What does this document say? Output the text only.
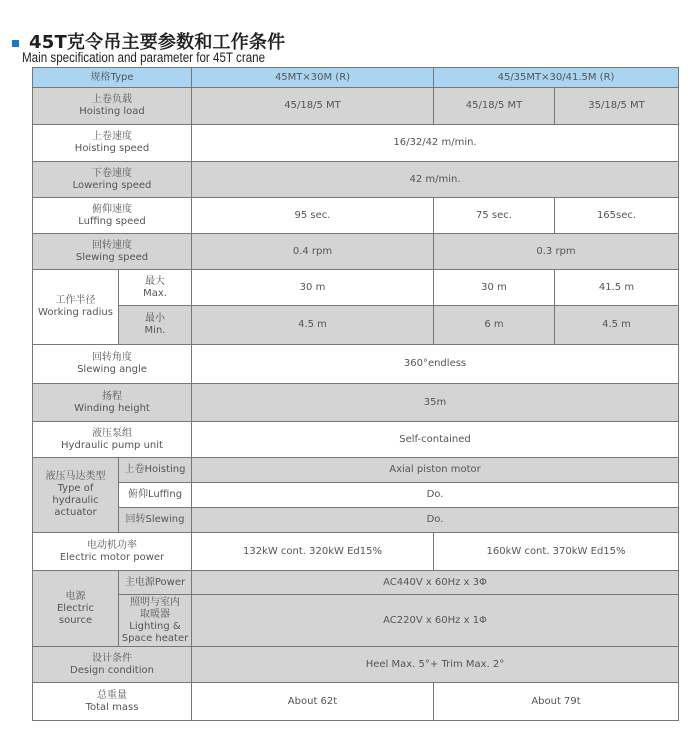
45T克令吊主要参数和工作条件
Main specification and parameter for 45T crane
规格Type		45MT×30M (R)	45/35MT×30/41.5M (R)	

上卷负载
Hoisting load		45/18/5 MT	45/18/5 MT	35/18/5 MT

上卷速度
Hoisting speed		16/32/42 m/min.		

下卷速度
Lowering speed		42 m/min.		

俯仰速度
Luffing speed		95 sec.	75 sec.	165sec.

回转速度
Slewing speed		0.4 rpm	0.3 rpm	

工作半径
Working radius	最大
Max.	30 m	30 m	41.5 m

	最小
Min.	4.5 m	6 m	4.5 m

回转角度
Slewing angle		360°endless		

扬程
Winding height		35m		

液压泵组
Hydraulic pump unit		Self-contained		

液压马达类型
Type of
hydraulic
actuator	上卷Hoisting	Axial piston motor		
	俯仰Luffing	Do.		
	回转Slewing	Do.		

电动机功率
Electric motor power		132kW cont. 320kW Ed15%	160kW cont. 370kW Ed15%	

电源
Electric
source	主电源Power	AC440V x 60Hz x 3Φ		

	照明与室内
取暖器
Lighting &
Space heater	AC220V x 60Hz x 1Φ		

设计条件
Design condition		Heel Max. 5°+ Trim Max. 2°		

总重量
Total mass		About 62t	About 79t	
